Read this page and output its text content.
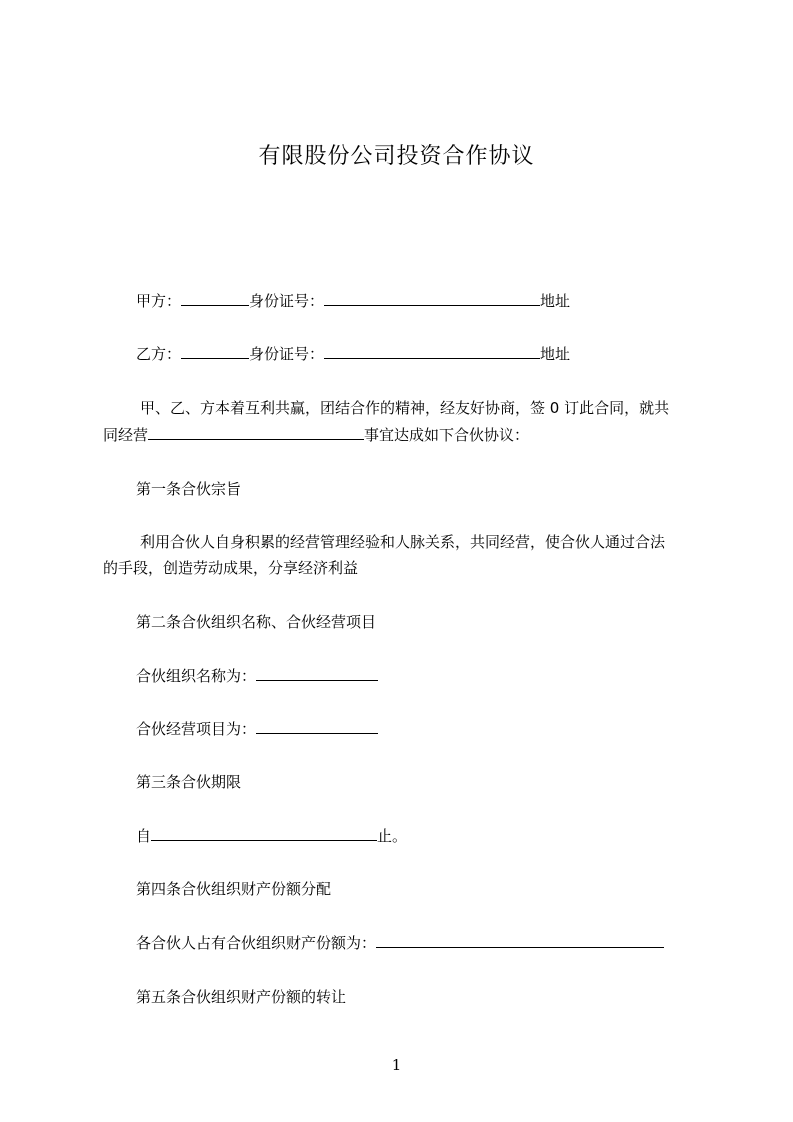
有限股份公司投资合作协议
甲方：	身份证号：	地址
乙方：	身份证号：	地址
甲、乙、方本着互利共赢，团结合作的精神，经友好协商，签 0 订此合同，就共
同经营	事宜达成如下合伙协议：
第一条合伙宗旨
利用合伙人自身积累的经营管理经验和人脉关系，共同经营，使合伙人通过合法
的手段，创造劳动成果，分享经济利益
第二条合伙组织名称、合伙经营项目
合伙组织名称为：
合伙经营项目为：
第三条合伙期限
自	止。
第四条合伙组织财产份额分配
各合伙人占有合伙组织财产份额为：
第五条合伙组织财产份额的转让
1
